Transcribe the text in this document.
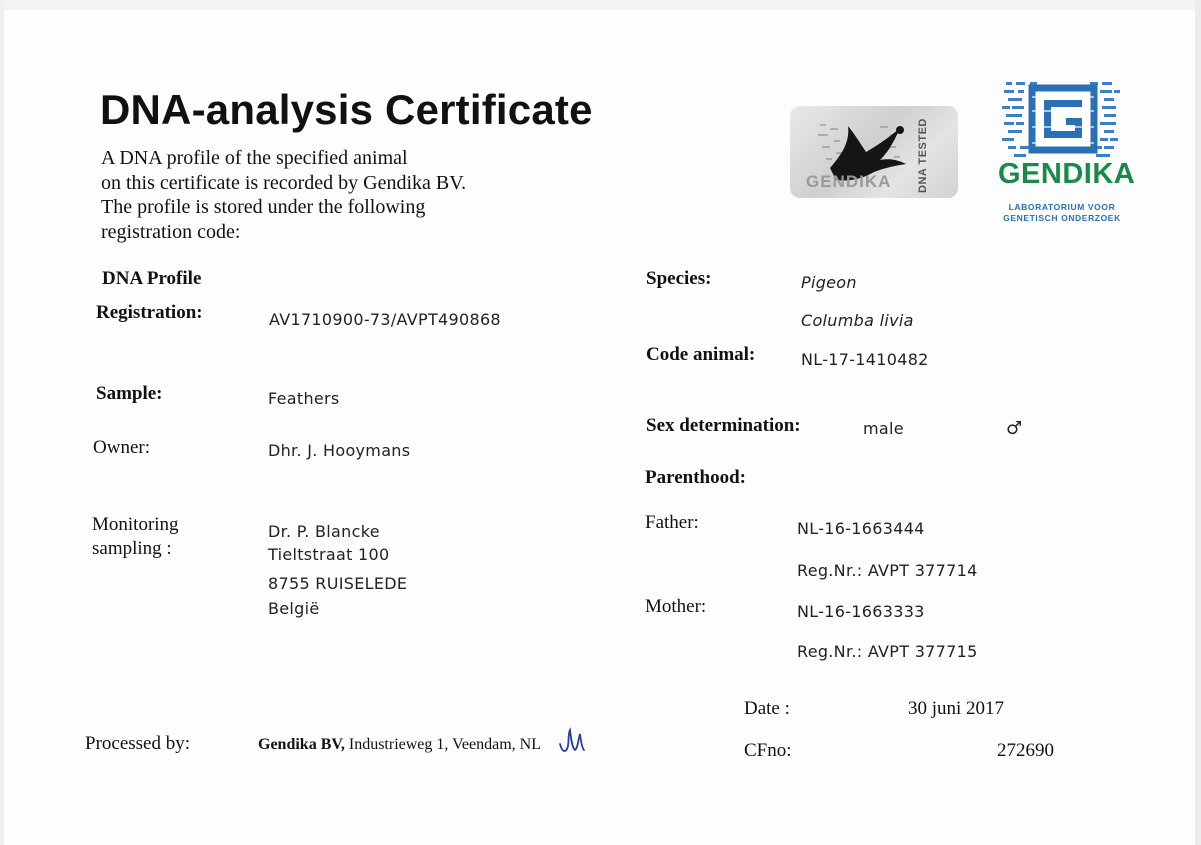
DNA-analysis Certificate
A DNA profile of the specified animal
on this certificate is recorded by Gendika BV.
The profile is stored under the following
registration code:
GENDIKA DNA TESTED GENDIKA
LABORATORIUM VOOR
GENETISCH ONDERZOEK
DNA Profile
Registration:	AV1710900-73/AVPT490868
Sample:	Feathers
Owner:	Dhr. J. Hooymans
Monitoring
sampling :
Dr. P. Blancke
Tieltstraat 100
8755 RUISELEDE
België
Processed by:	Gendika BV, Industrieweg 1, Veendam, NL
Species:	Pigeon
Columba livia
Code animal:	NL-17-1410482
Sex determination:	male	♂
Parenthood:
Father:	NL-16-1663444
Reg.Nr.: AVPT 377714
Mother:	NL-16-1663333
Reg.Nr.: AVPT 377715
Date :	30 juni 2017
CFno:	272690
